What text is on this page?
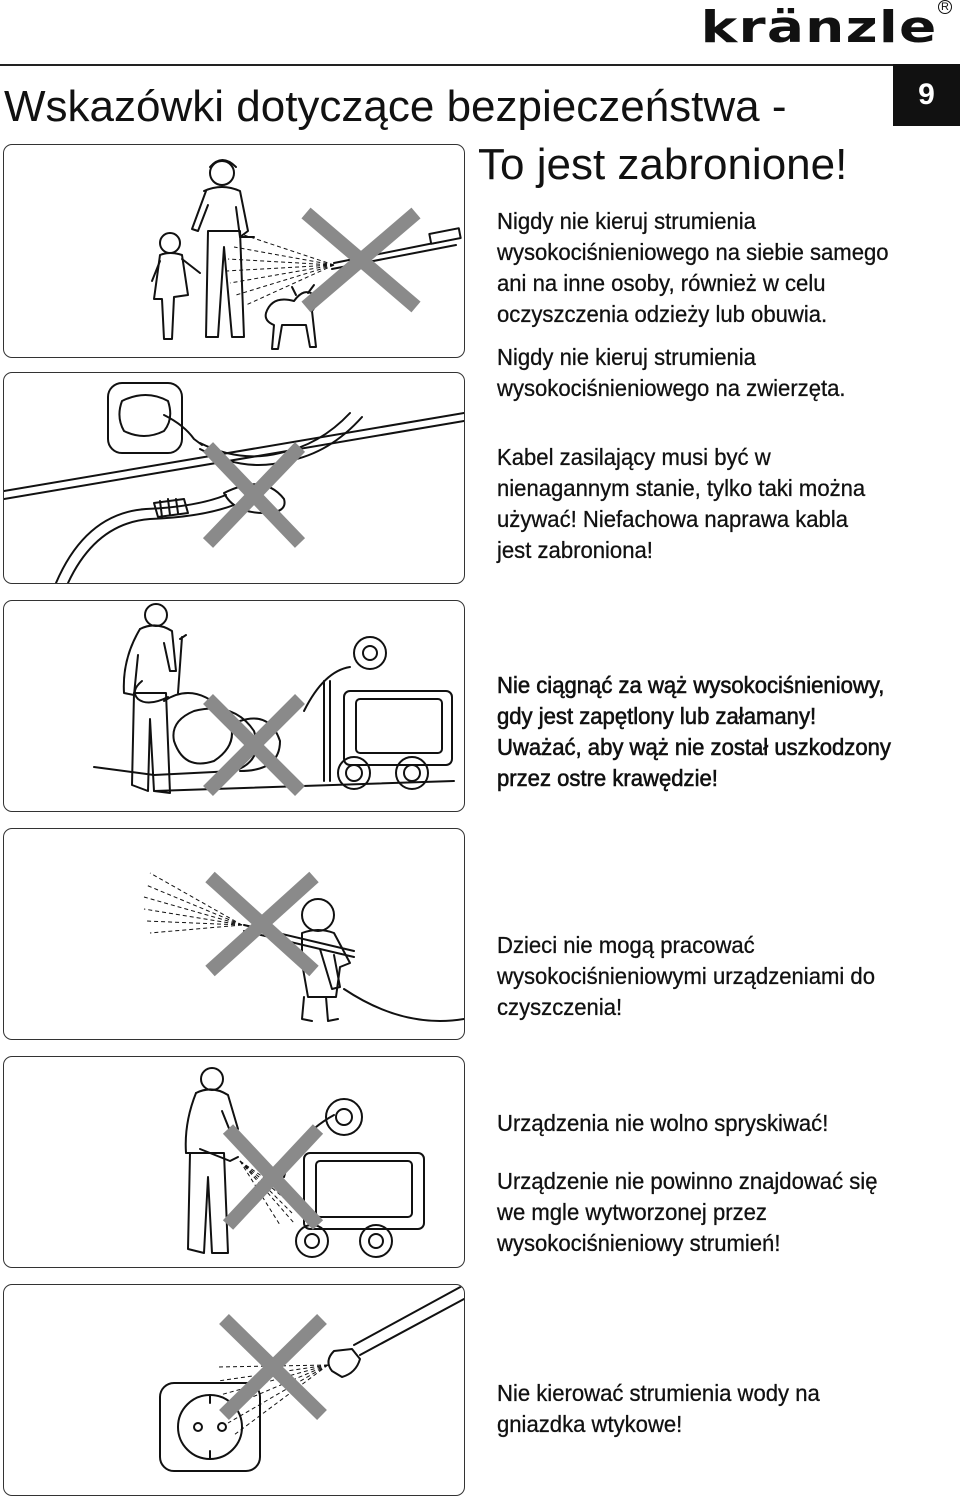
kränzle R
9
Wskazówki dotyczące bezpieczeństwa -
To jest zabronione!
Nigdy nie kieruj strumienia
wysokociśnieniowego na siebie samego
ani na inne osoby, również w celu
oczyszczenia odzieży lub obuwia.
Nigdy nie kieruj strumienia
wysokociśnieniowego na zwierzęta.
Kabel zasilający musi być w
nienagannym stanie, tylko taki można
używać! Niefachowa naprawa kabla
jest zabroniona!
Nie ciągnąć za wąż wysokociśnieniowy,
gdy jest zapętlony lub załamany!
Uważać, aby wąż nie został uszkodzony
przez ostre krawędzie!
Dzieci nie mogą pracować
wysokociśnieniowymi urządzeniami do
czyszczenia!
Urządzenia nie wolno spryskiwać!
Urządzenie nie powinno znajdować się
we mgle wytworzonej przez
wysokociśnieniowy strumień!
Nie kierować strumienia wody na
gniazdka wtykowe!
